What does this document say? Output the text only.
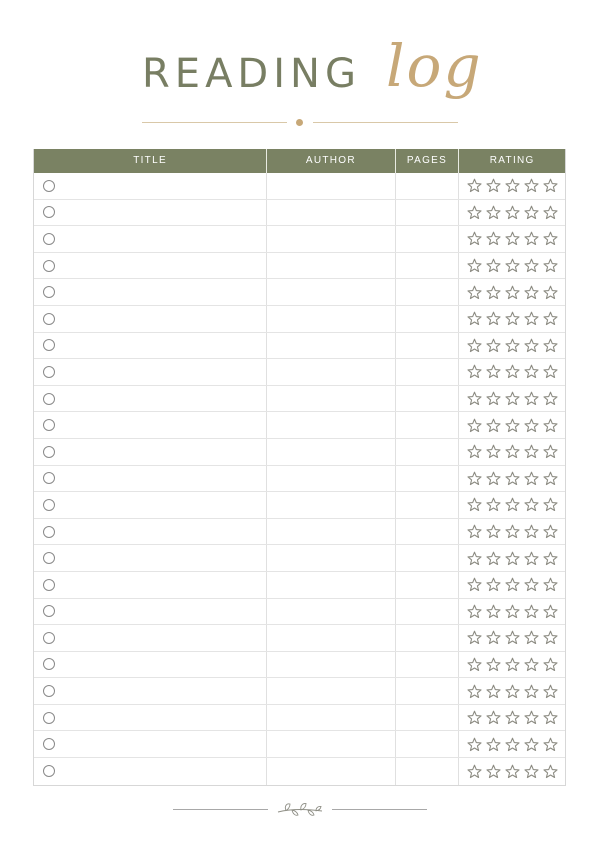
READING log
TITLE	AUTHOR	PAGES	RATING
